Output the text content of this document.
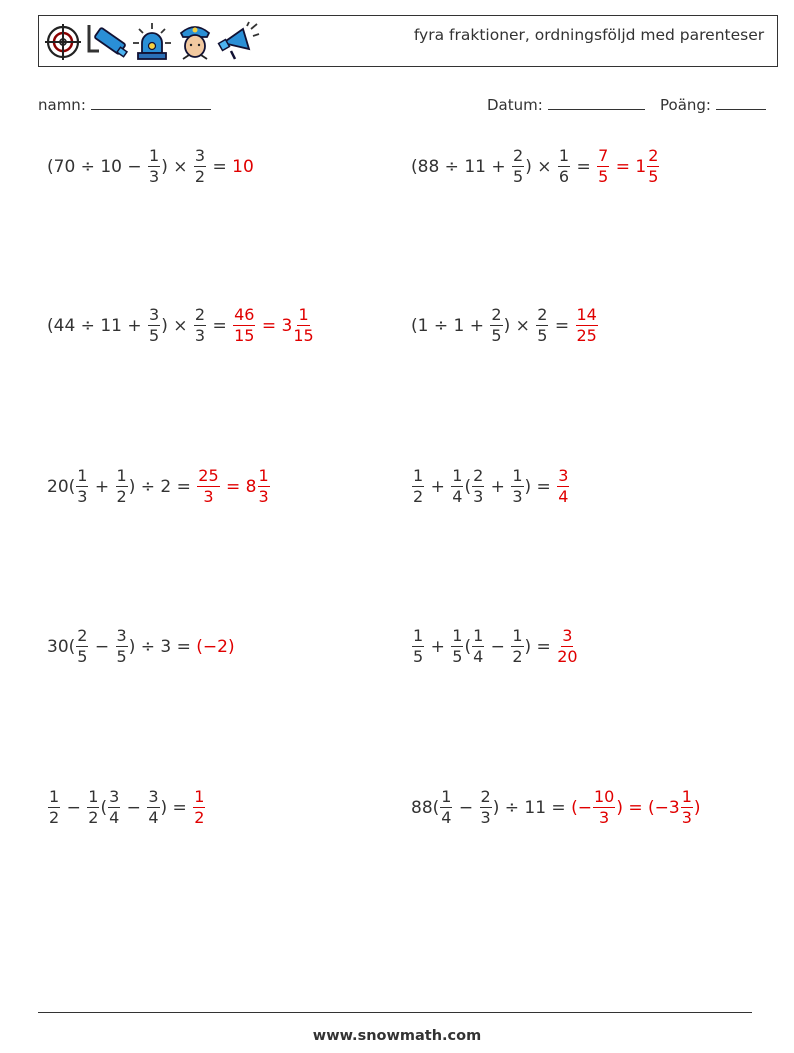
fyra fraktioner, ordningsföljd med parenteser
namn:	Datum:	Poäng:
($70 \div 10 - \frac{1}{3}$ ) × $\frac{3}{2} = 10$	($88 \div 11 + \frac{2}{5}$ ) × $\frac{1}{6} = \frac{7}{5} = 1 \frac{2}{5}$
($44 \div 11 + \frac{3}{5}$ ) × $\frac{2}{3} = \frac{46}{15} = 3 \frac{1}{15}$	($1 \div 1 + \frac{2}{5}$ ) × $\frac{2}{5} = \frac{14}{25}$
$20( \frac{1}{3} + \frac{1}{2}$ ) ÷ $2 = \frac{25}{3} = 8 \frac{1}{3}$	$\frac{1}{2} + \frac{1}{4}$ ( $\frac{2}{3} + \frac{1}{3}$ ) = $\frac{3}{4}$
$30( \frac{2}{5} - \frac{3}{5}$ ) ÷ 3 = (−2)	$\frac{1}{5} + \frac{1}{5}$ ( $\frac{1}{4} - \frac{1}{2}$ ) = $\frac{3}{20}$
$\frac{1}{2} - \frac{1}{2}$ ( $\frac{3}{4} - \frac{3}{4}$ ) = $\frac{1}{2}$	$88( \frac{1}{4} - \frac{2}{3}$ ) ÷ 11 = (− $\frac{10}{3}$ ) = ($-3 \frac{1}{3}$ )
www.snowmath.com
